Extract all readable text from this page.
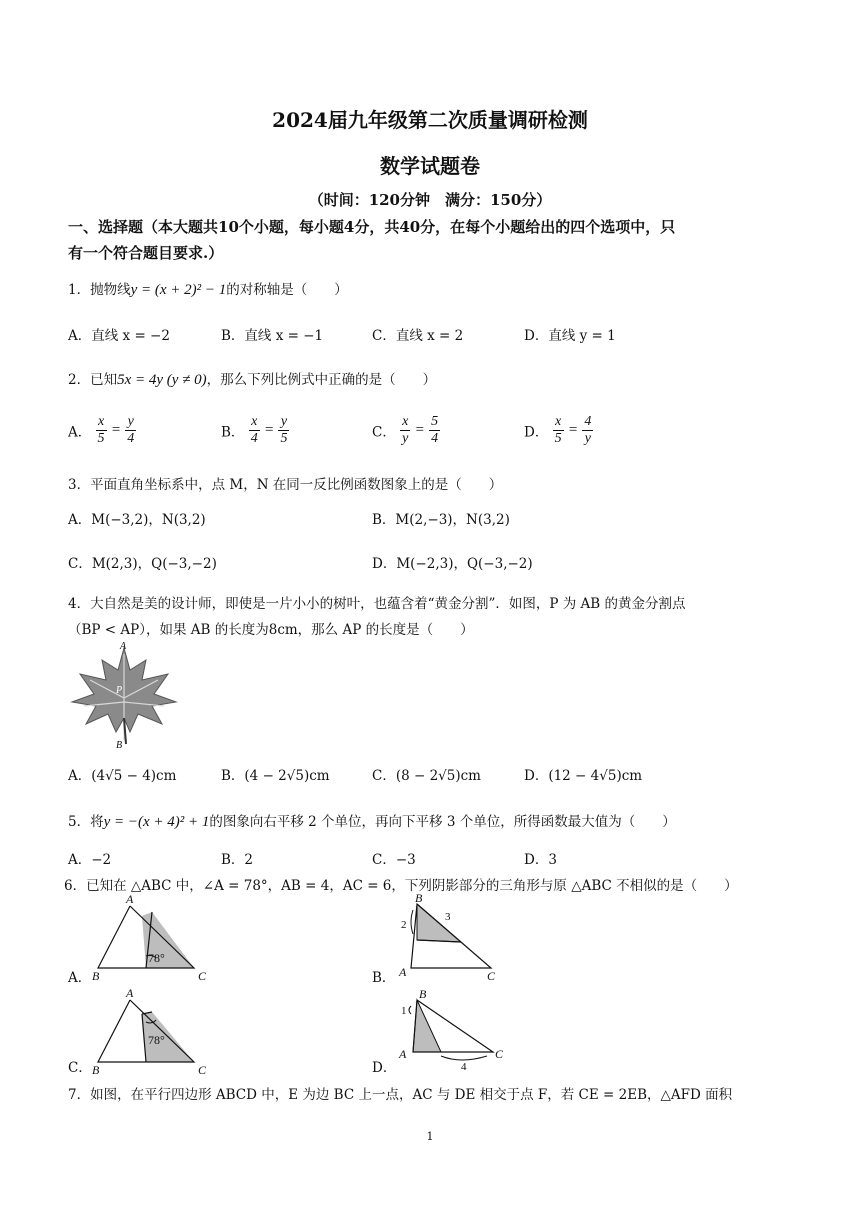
2024届九年级第二次质量调研检测
数学试题卷
（时间：120分钟　满分：150分）
一、选择题（本大题共10个小题，每小题4分，共40分，在每个小题给出的四个选项中，只
有一个符合题目要求.）
1．抛物线y = (x + 2)² − 1的对称轴是（　　）
A．直线 x = −2	B．直线 x = −1	C．直线 x = 2	D．直线 y = 1
2．已知5x = 4y (y ≠ 0)，那么下列比例式中正确的是（　　）
A． $\frac{x}{5} = \frac{y}{4}$	B． $\frac{x}{4} = \frac{y}{5}$	C． $\frac{x}{y} = \frac{5}{4}$	D． $\frac{x}{5} = \frac{4}{y}$
3．平面直角坐标系中，点 M，N 在同一反比例函数图象上的是（　　）
A．M(−3,2)，N(3,2)	B．M(2,−3)，N(3,2)
C．M(2,3)，Q(−3,−2)	D．M(−2,3)，Q(−3,−2)
4．大自然是美的设计师，即使是一片小小的树叶，也蕴含着“黄金分割”．如图，P 为 AB 的黄金分割点
（BP < AP），如果 AB 的长度为8cm，那么 AP 的长度是（　　）
A
P
B
A．(4√5 − 4)cm	B．(4 − 2√5)cm	C．(8 − 2√5)cm	D．(12 − 4√5)cm
5．将y = −(x + 4)² + 1的图象向右平移 2 个单位，再向下平移 3 个单位，所得函数最大值为（　　）
A．−2	B．2	C．−3	D．3
6．已知在 △ABC 中，∠A = 78°，AB = 4，AC = 6，下列阴影部分的三角形与原 △ABC 不相似的是（　　）
A．
78°
A
B	C	B．
2
3
B
A	C
C．
78°
A
B	C	D．
1
4
B
A	C
7．如图，在平行四边形 ABCD 中，E 为边 BC 上一点，AC 与 DE 相交于点 F，若 CE = 2EB，△AFD 面积
1
